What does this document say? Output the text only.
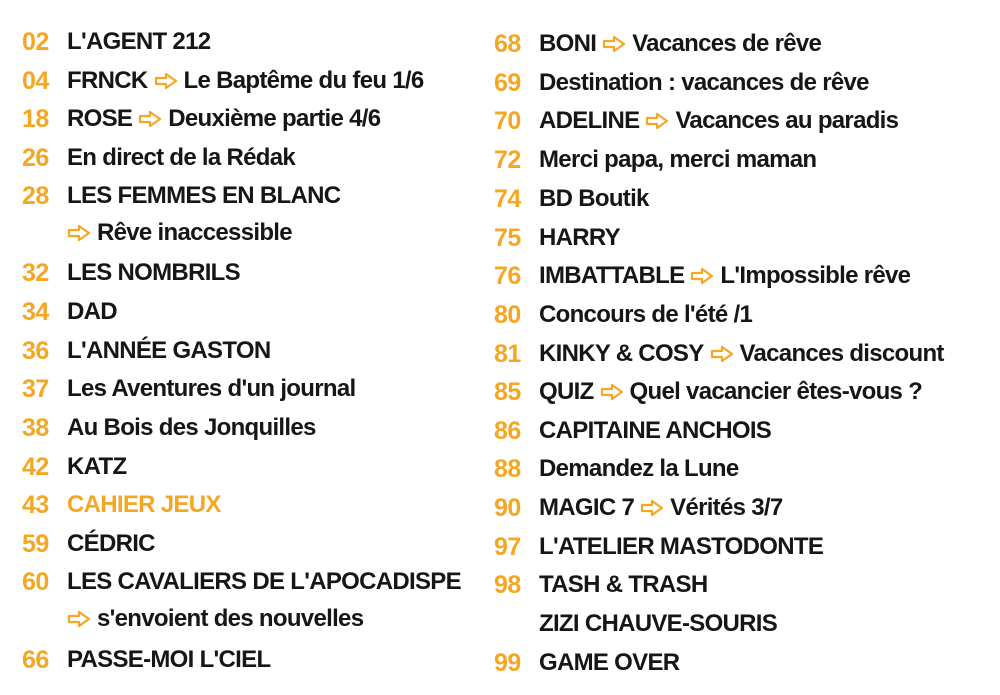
02 L'AGENT 212
04 FRNCK Le Baptême du feu 1/6
18 ROSE Deuxième partie 4/6
26 En direct de la Rédak
28 LES FEMMES EN BLANC
Rêve inaccessible
32 LES NOMBRILS
34 DAD
36 L'ANNÉE GASTON
37 Les Aventures d'un journal
38 Au Bois des Jonquilles
42 KATZ
43 CAHIER JEUX
59 CÉDRIC
60 LES CAVALIERS DE L'APOCADISPE
s'envoient des nouvelles
66 PASSE-MOI L'CIEL
68 BONI Vacances de rêve
69 Destination : vacances de rêve
70 ADELINE Vacances au paradis
72 Merci papa, merci maman
74 BD Boutik
75 HARRY
76 IMBATTABLE L'Impossible rêve
80 Concours de l'été /1
81 KINKY & COSY Vacances discount
85 QUIZ Quel vacancier êtes-vous ?
86 CAPITAINE ANCHOIS
88 Demandez la Lune
90 MAGIC 7 Vérités 3/7
97 L'ATELIER MASTODONTE
98 TASH & TRASH
ZIZI CHAUVE-SOURIS
99 GAME OVER
